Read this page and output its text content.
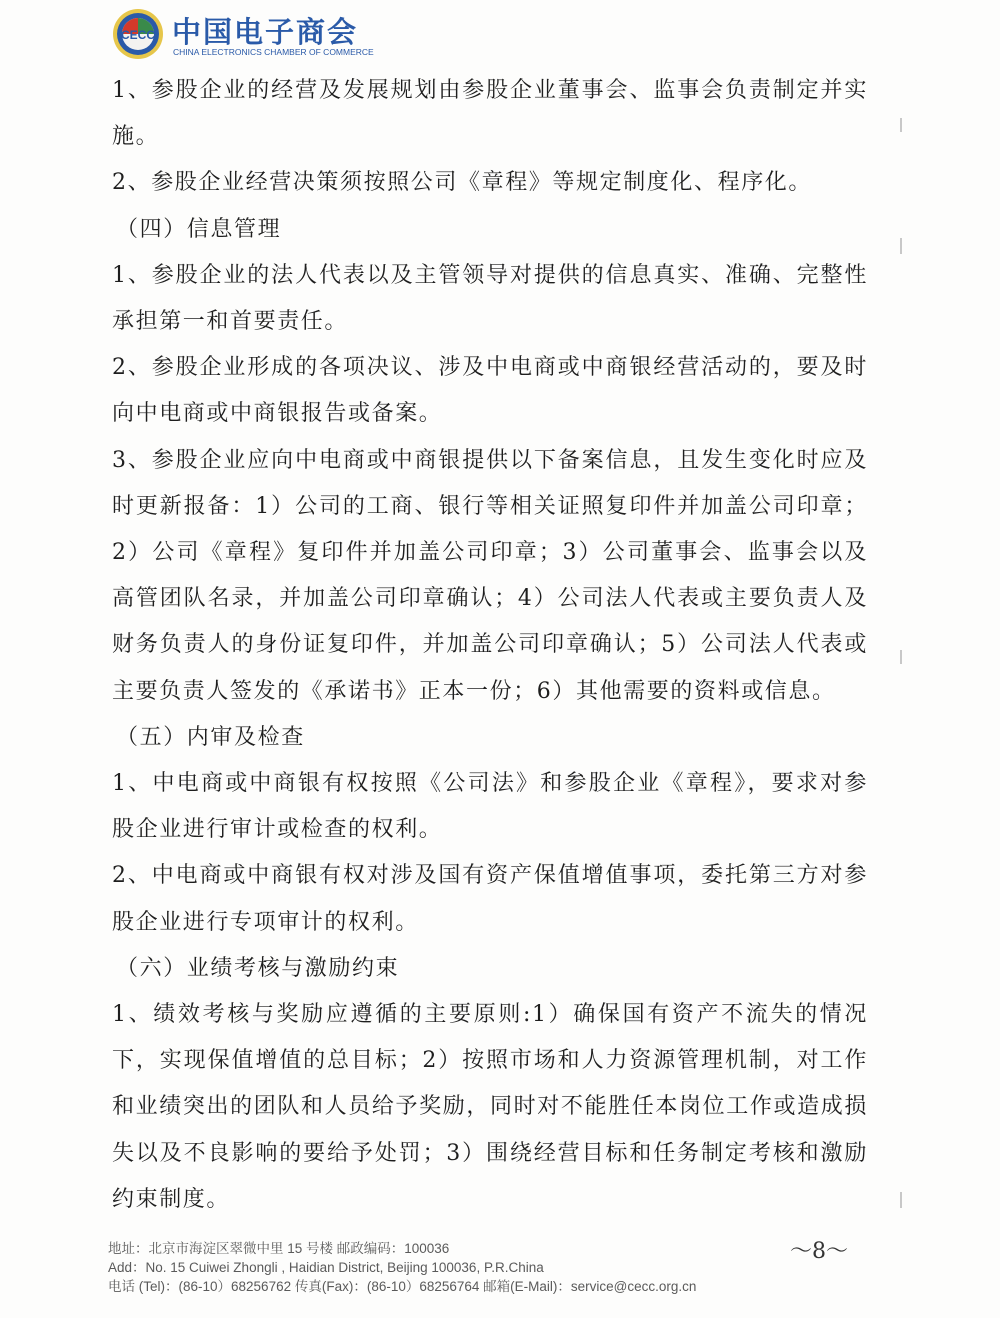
CECC 中国电子商会
CHINA ELECTRONICS CHAMBER OF COMMERCE

1、参股企业的经营及发展规划由参股企业董事会、监事会负责制定并实施。

2、参股企业经营决策须按照公司《章程》等规定制度化、程序化。

（四）信息管理

1、参股企业的法人代表以及主管领导对提供的信息真实、准确、完整性承担第一和首要责任。

2、参股企业形成的各项决议、涉及中电商或中商银经营活动的，要及时向中电商或中商银报告或备案。

3、参股企业应向中电商或中商银提供以下备案信息，且发生变化时应及时更新报备：1）公司的工商、银行等相关证照复印件并加盖公司印章；2）公司《章程》复印件并加盖公司印章；3）公司董事会、监事会以及高管团队名录，并加盖公司印章确认；4）公司法人代表或主要负责人及财务负责人的身份证复印件，并加盖公司印章确认；5）公司法人代表或主要负责人签发的《承诺书》正本一份；6）其他需要的资料或信息。

（五）内审及检查

1、中电商或中商银有权按照《公司法》和参股企业《章程》，要求对参股企业进行审计或检查的权利。

2、中电商或中商银有权对涉及国有资产保值增值事项，委托第三方对参股企业进行专项审计的权利。

（六）业绩考核与激励约束

1、绩效考核与奖励应遵循的主要原则:1）确保国有资产不流失的情况下，实现保值增值的总目标；2）按照市场和人力资源管理机制，对工作和业绩突出的团队和人员给予奖励，同时对不能胜任本岗位工作或造成损失以及不良影响的要给予处罚；3）围绕经营目标和任务制定考核和激励约束制度。

～8～
地址：北京市海淀区翠微中里 15 号楼 邮政编码：100036
Add：No. 15 Cuiwei Zhongli , Haidian District, Beijing 100036, P.R.China
电话 (Tel)：(86-10）68256762 传真(Fax)：(86-10）68256764 邮箱(E-Mail)：service@cecc.org.cn
